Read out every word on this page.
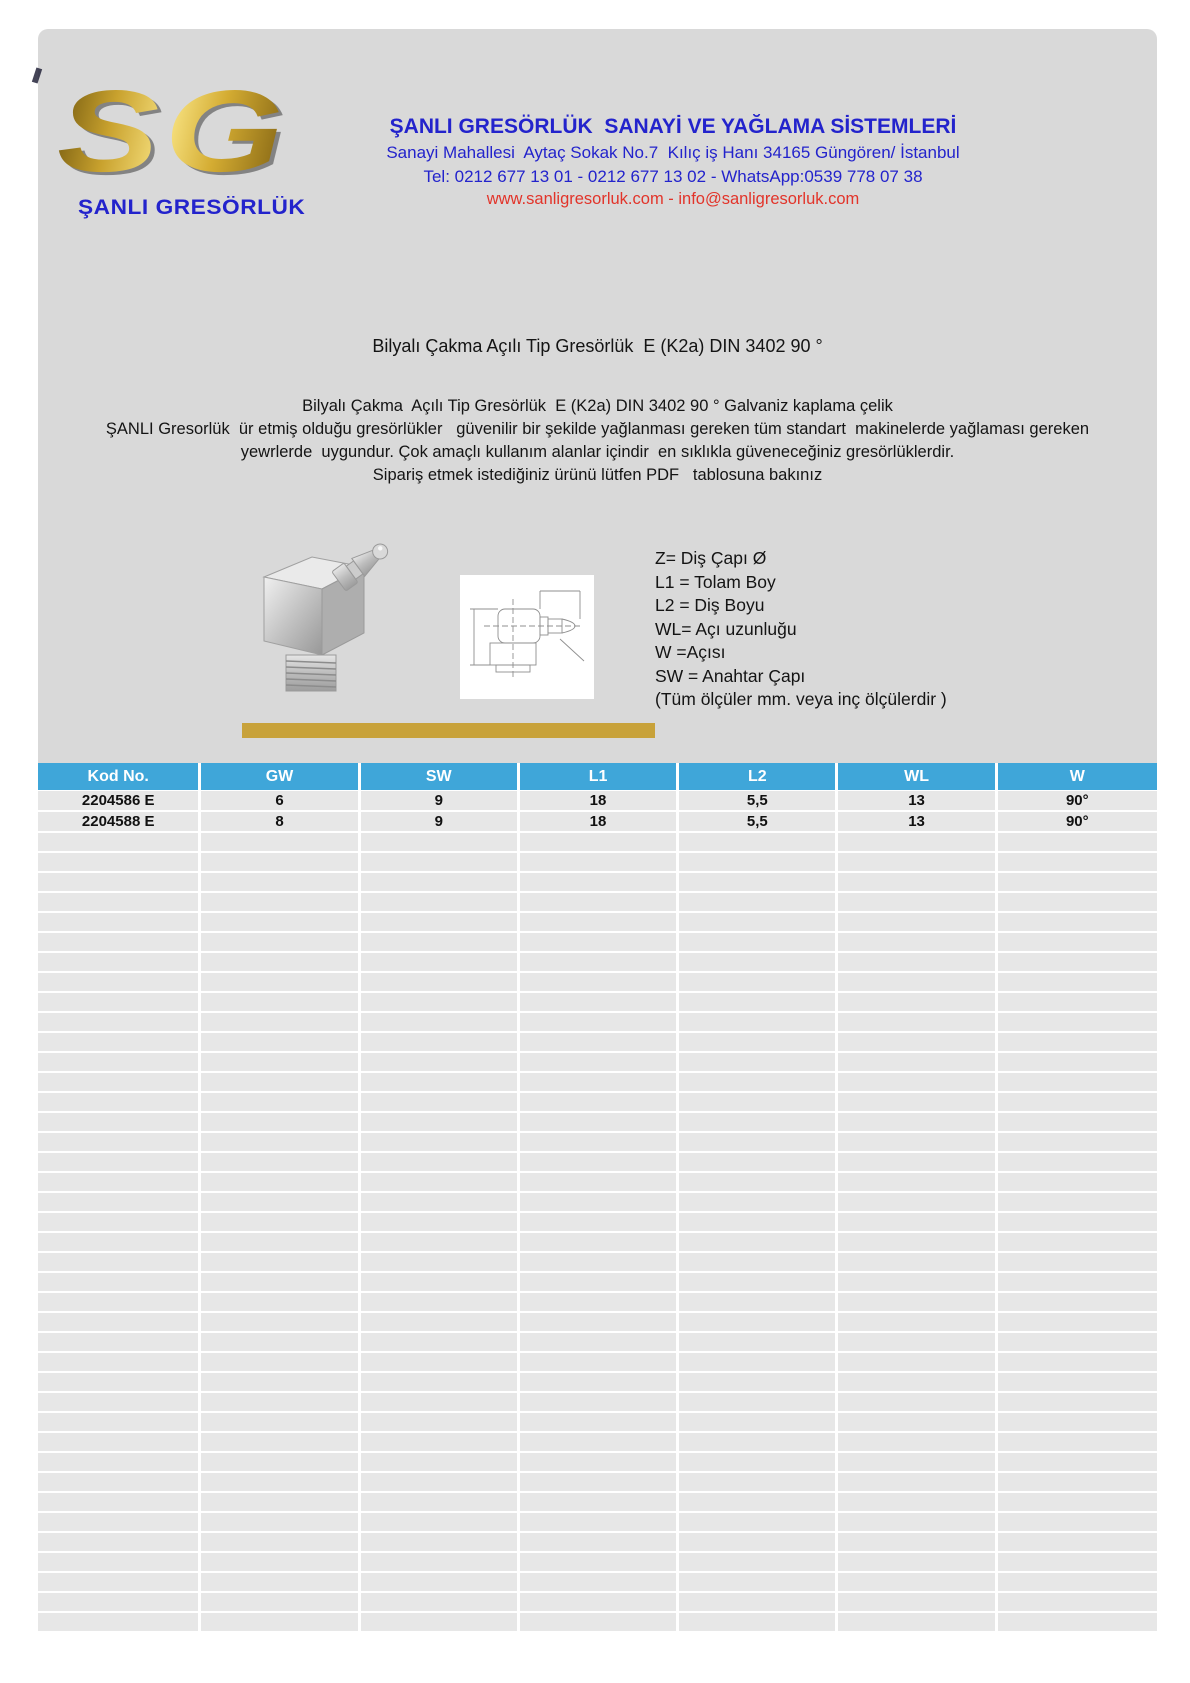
SG
ŞANLI GRESÖRLÜK
ŞANLI GRESÖRLÜK  SANAYİ VE YAĞLAMA SİSTEMLERİ
Sanayi Mahallesi  Aytaç Sokak No.7  Kılıç iş Hanı 34165 Güngören/ İstanbul
Tel: 0212 677 13 01 - 0212 677 13 02 - WhatsApp:0539 778 07 38
www.sanligresorluk.com - info@sanligresorluk.com
Bilyalı Çakma Açılı Tip Gresörlük  E (K2a) DIN 3402 90 °
Bilyalı Çakma  Açılı Tip Gresörlük  E (K2a) DIN 3402 90 ° Galvaniz kaplama çelik
ŞANLI Gresorlük  ür etmiş olduğu gresörlükler   güvenilir bir şekilde yağlanması gereken tüm standart  makinelerde yağlaması gereken
yewrlerde  uygundur. Çok amaçlı kullanım alanlar içindir  en sıklıkla güveneceğiniz gresörlüklerdir.
Sipariş etmek istediğiniz ürünü lütfen PDF   tablosuna bakınız
Z= Diş Çapı Ø
L1 = Tolam Boy
L2 = Diş Boyu
WL= Açı uzunluğu
W =Açısı
SW = Anahtar Çapı
(Tüm ölçüler mm. veya inç ölçülerdir )
Kod No.	GW	SW	L1	L2	WL	W
2204586 E	6	9	18	5,5	13	90°
2204588 E	8	9	18	5,5	13	90°
